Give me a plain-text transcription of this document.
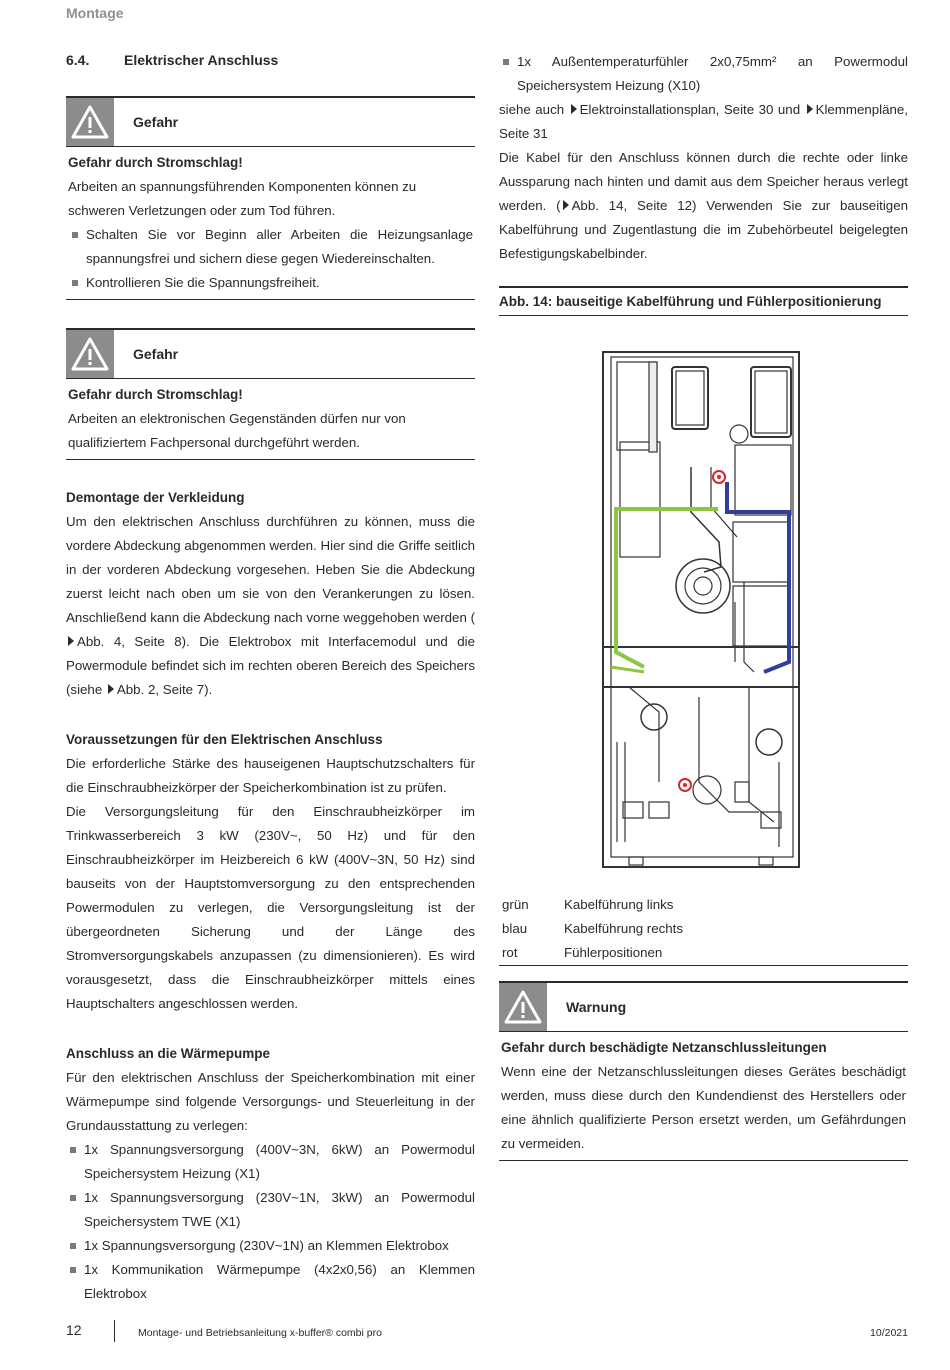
Montage
6.4.	Elektrischer Anschluss
Gefahr

Gefahr durch Stromschlag!

Arbeiten an spannungsführenden Komponenten können zu schweren Verletzungen oder zum Tod führen.

Schalten Sie vor Beginn aller Arbeiten die Heizungsanlage spannungsfrei und sichern diese gegen Wiedereinschalten.
Kontrollieren Sie die Spannungsfreiheit.
Gefahr

Gefahr durch Stromschlag!

Arbeiten an elektronischen Gegenständen dürfen nur von qualifiziertem Fachpersonal durchgeführt werden.

Demontage der Verkleidung

Um den elektrischen Anschluss durchführen zu können, muss die vordere Abdeckung abgenommen werden. Hier sind die Griffe seitlich in der vorderen Abdeckung vorgesehen. Heben Sie die Abdeckung zuerst leicht nach oben um sie von den Verankerungen zu lösen. Anschließend kann die Abdeckung nach vorne weggehoben werden (Abb. 4, Seite 8). Die Elektrobox mit Interfacemodul und die Powermodule befindet sich im rechten oberen Bereich des Speichers (siehe Abb. 2, Seite 7).

Voraussetzungen für den Elektrischen Anschluss

Die erforderliche Stärke des hauseigenen Hauptschutzschalters für die Einschraubheizkörper der Speicherkombination ist zu prüfen.

Die Versorgungsleitung für den Einschraubheizkörper im Trinkwasserbereich 3 kW (230V~, 50 Hz) und für den Einschraubheizkörper im Heizbereich 6 kW (400V~3N, 50 Hz) sind bauseits von der Hauptstomversorgung zu den entsprechenden Powermodulen zu verlegen, die Versorgungsleitung ist der übergeordneten Sicherung und der Länge des Stromversorgungskabels anzupassen (zu dimensionieren). Es wird vorausgesetzt, dass die Einschraubheizkörper mittels eines Hauptschalters angeschlossen werden.

Anschluss an die Wärmepumpe

Für den elektrischen Anschluss der Speicherkombination mit einer Wärmepumpe sind folgende Versorgungs- und Steuerleitung in der Grundausstattung zu verlegen:

1x Spannungsversorgung (400V~3N, 6kW) an Powermodul Speichersystem Heizung (X1)
1x Spannungsversorgung (230V~1N, 3kW) an Powermodul Speichersystem TWE (X1)
1x Spannungsversorgung (230V~1N) an Klemmen Elektrobox
1x Kommunikation Wärmepumpe (4x2x0,56) an Klemmen Elektrobox
1x Außentemperaturfühler 2x0,75mm² an Powermodul Speichersystem Heizung (X10)

siehe auch Elektroinstallationsplan, Seite 30 und Klemmenpläne, Seite 31

Die Kabel für den Anschluss können durch die rechte oder linke Aussparung nach hinten und damit aus dem Speicher heraus verlegt werden. ( Abb. 14, Seite 12) Verwenden Sie zur bauseitigen Kabelführung und Zugentlastung die im Zubehörbeutel beigelegten Befestigungskabelbinder.

Abb. 14: bauseitige Kabelführung und Fühlerpositionierung
grün	Kabelführung links
blau	Kabelführung rechts
rot	Fühlerpositionen
Warnung

Gefahr durch beschädigte Netzanschlussleitungen

Wenn eine der Netzanschlussleitungen dieses Gerätes beschädigt werden, muss diese durch den Kundendienst des Herstellers oder eine ähnlich qualifizierte Person ersetzt werden, um Gefährdungen zu vermeiden.

12	Montage- und Betriebsanleitung x-buffer® combi pro	10/2021
